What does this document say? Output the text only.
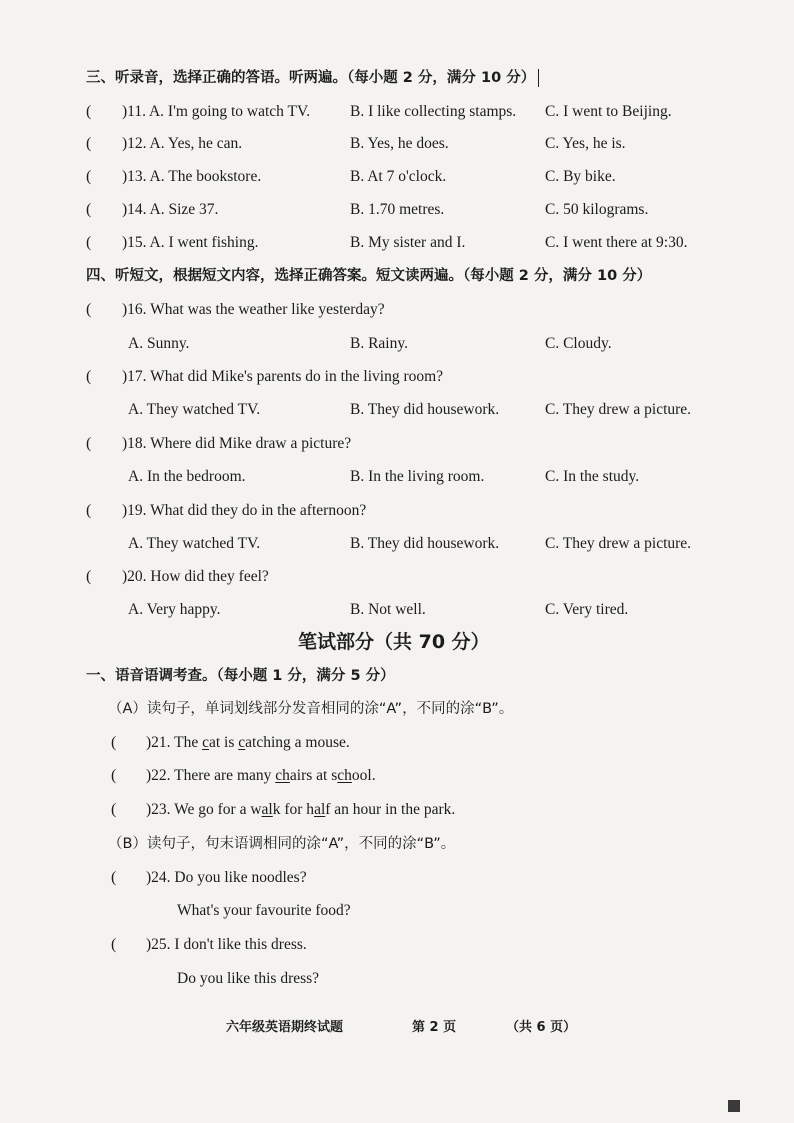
三、听录音，选择正确的答语。听两遍。（每小题 2 分，满分 10 分）
( )11. A. I'm going to watch TV.	B. I like collecting stamps. C. I went to Beijing.
( )12. A. Yes, he can.	B. Yes, he does.	C. Yes, he is.
( )13. A. The bookstore.	B. At 7 o'clock.	C. By bike.
( )14. A. Size 37.	B. 1.70 metres.	C. 50 kilograms.
( )15. A. I went fishing.	B. My sister and I.	C. I went there at 9:30.
四、听短文，根据短文内容，选择正确答案。短文读两遍。（每小题 2 分，满分 10 分）
( )16. What was the weather like yesterday?
A. Sunny.	B. Rainy.	C. Cloudy.
( )17. What did Mike's parents do in the living room?
A. They watched TV.	B. They did housework.	C. They drew a picture.
( )18. Where did Mike draw a picture?
A. In the bedroom.	B. In the living room.	C. In the study.
( )19. What did they do in the afternoon?
A. They watched TV.	B. They did housework.	C. They drew a picture.
( )20. How did they feel?
A. Very happy.	B. Not well.	C. Very tired.
笔试部分（共 70 分）
一、语音语调考查。（每小题 1 分，满分 5 分）
（A）读句子，单词划线部分发音相同的涂“A”，不同的涂“B”。
( )21. The cat is catching a mouse.
( )22. There are many chairs at school.
( )23. We go for a walk for half an hour in the park.
（B）读句子，句末语调相同的涂“A”，不同的涂“B”。
( )24. Do you like noodles?
What's your favourite food?
( )25. I don't like this dress.
Do you like this dress?
六年级英语期终试题	第 2 页	（共 6 页）
